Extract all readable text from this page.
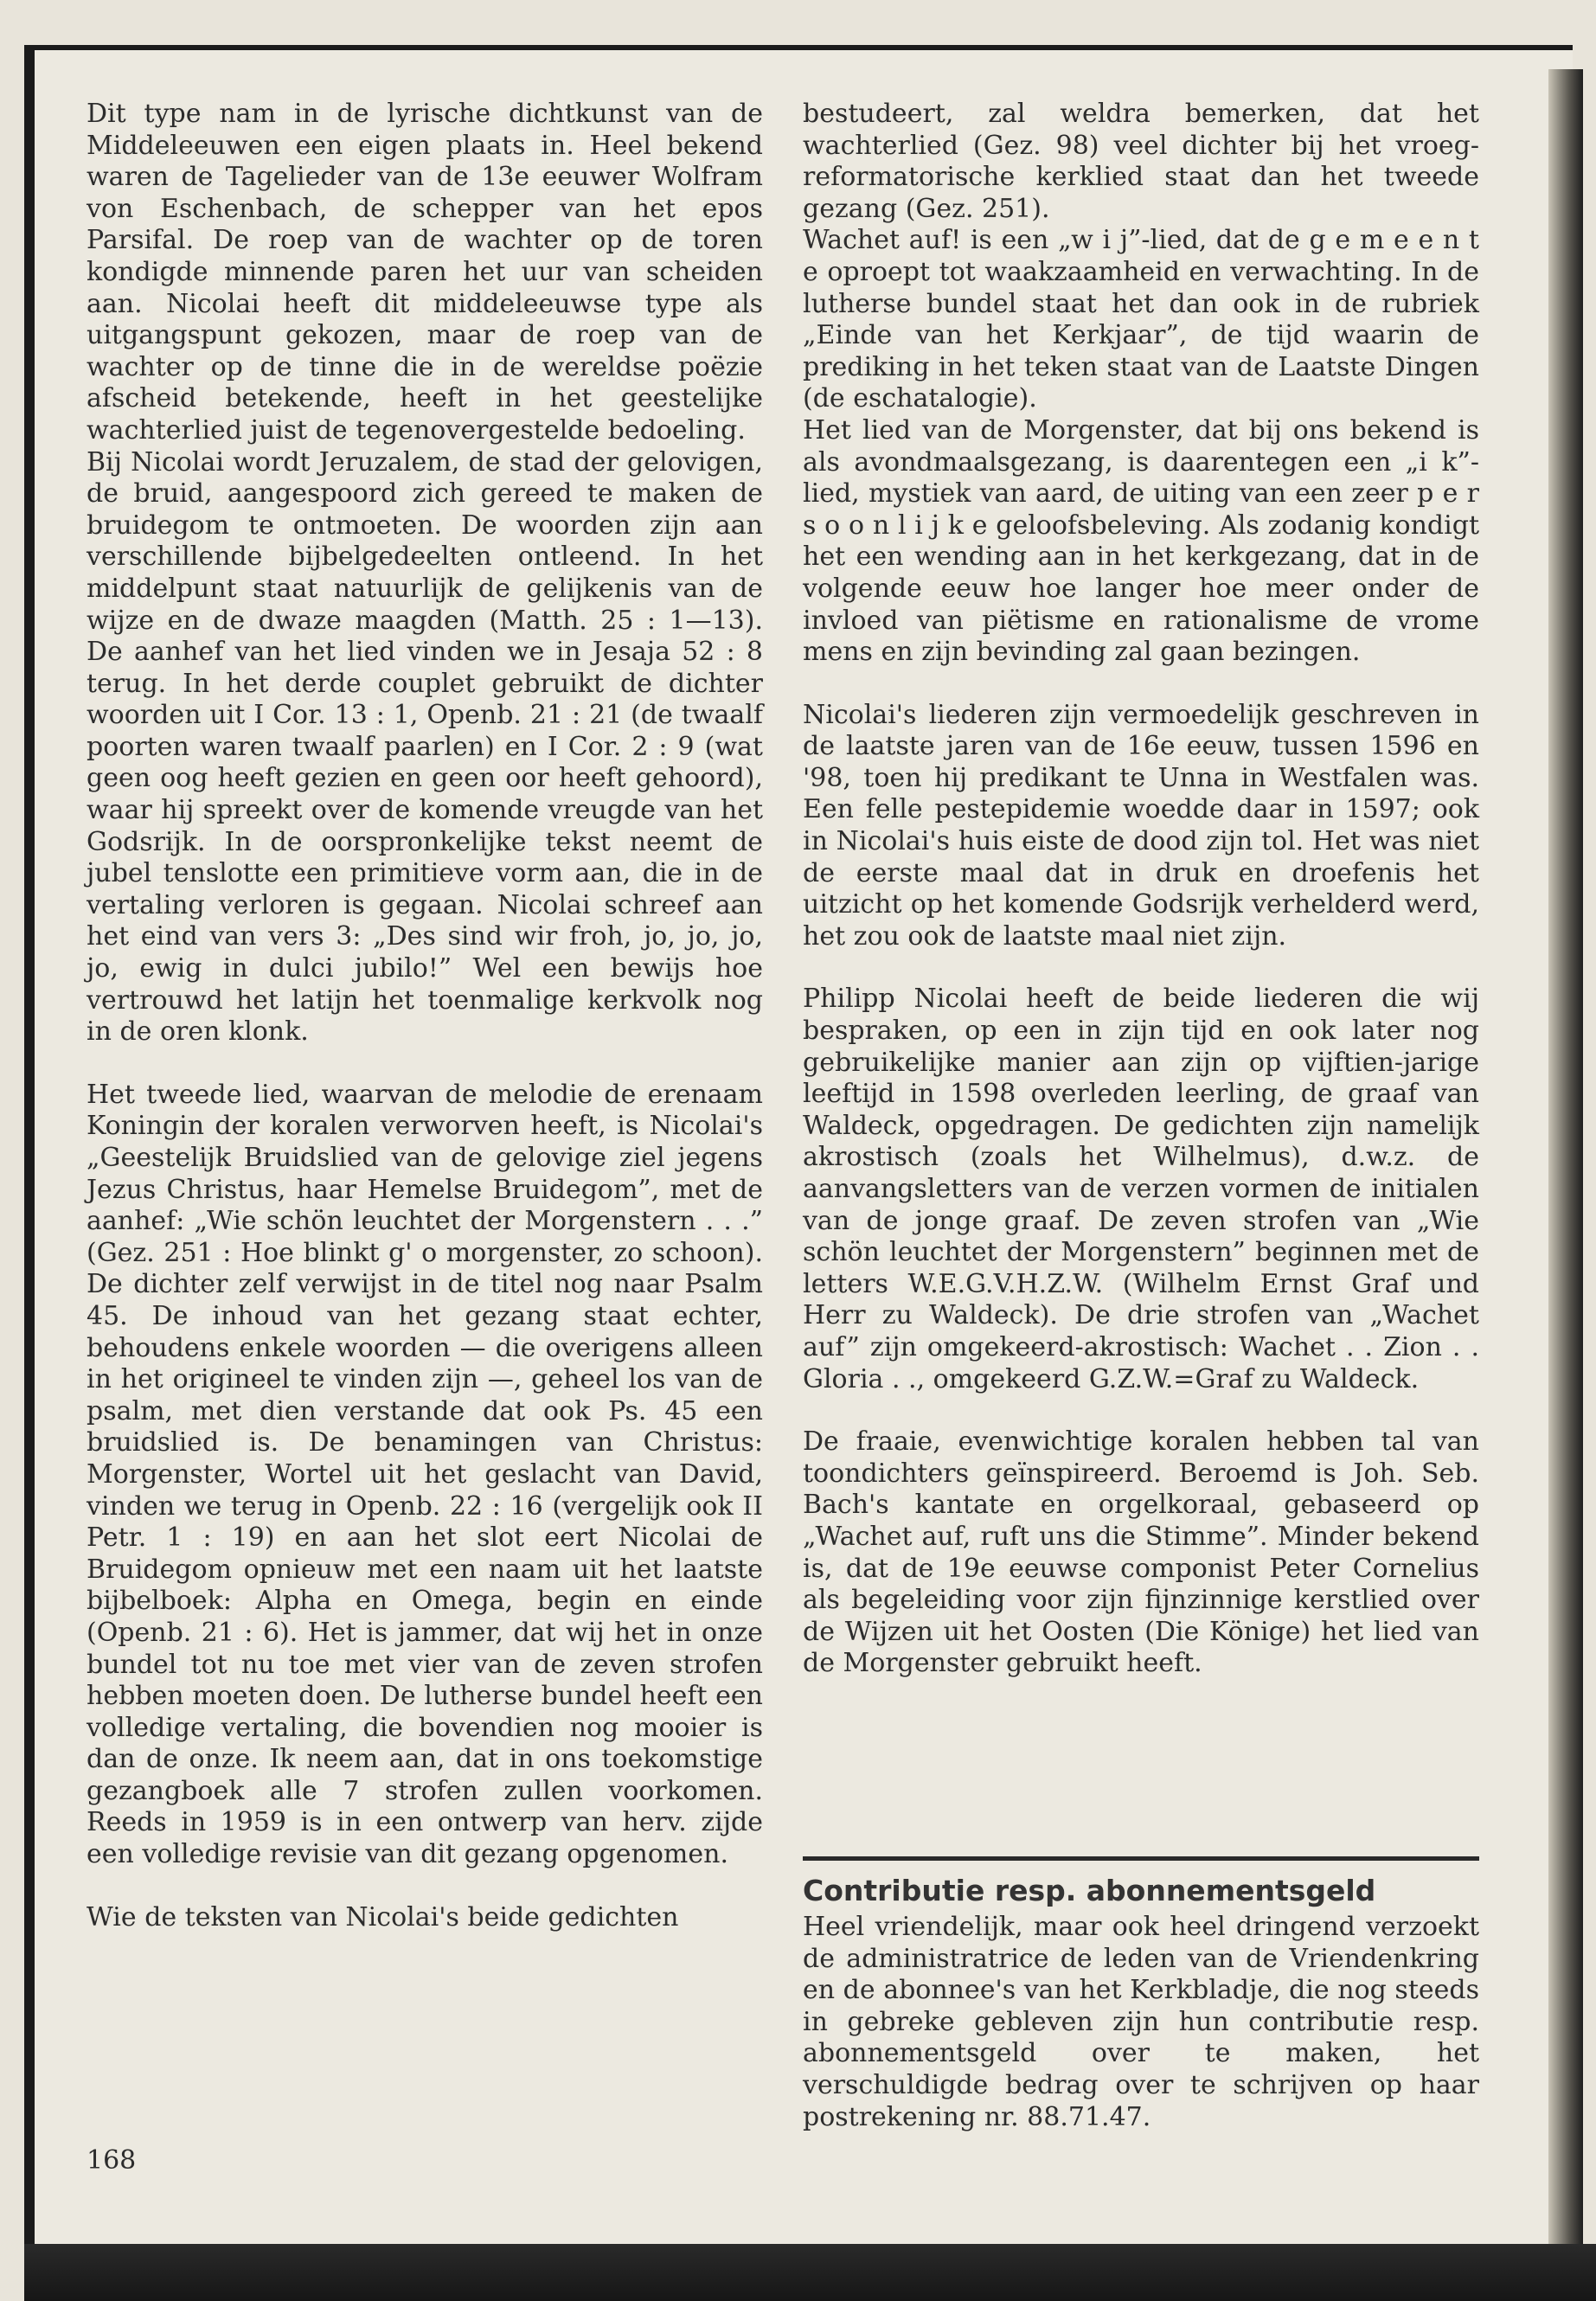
Dit type nam in de lyrische dichtkunst van de Middeleeuwen een eigen plaats in. Heel bekend waren de Tagelieder van de 13e eeuwer Wolfram von Eschenbach, de schepper van het epos Parsifal. De roep van de wachter op de toren kondigde minnende paren het uur van scheiden aan. Nicolai heeft dit middeleeuwse type als uitgangspunt gekozen, maar de roep van de wachter op de tinne die in de wereldse poëzie afscheid betekende, heeft in het geestelijke wachterlied juist de tegenovergestelde bedoeling.

Bij Nicolai wordt Jeruzalem, de stad der gelovigen, de bruid, aangespoord zich gereed te maken de bruidegom te ontmoeten. De woorden zijn aan verschillende bijbelgedeelten ontleend. In het middelpunt staat natuurlijk de gelijkenis van de wijze en de dwaze maagden (Matth. 25 : 1—13). De aanhef van het lied vinden we in Jesaja 52 : 8 terug. In het derde couplet gebruikt de dichter woorden uit I Cor. 13 : 1, Openb. 21 : 21 (de twaalf poorten waren twaalf paarlen) en I Cor. 2 : 9 (wat geen oog heeft gezien en geen oor heeft gehoord), waar hij spreekt over de komende vreugde van het Godsrijk. In de oorspronkelijke tekst neemt de jubel tenslotte een primitieve vorm aan, die in de vertaling verloren is gegaan. Nicolai schreef aan het eind van vers 3: „Des sind wir froh, jo, jo, jo, jo, ewig in dulci jubilo!” Wel een bewijs hoe vertrouwd het latijn het toenmalige kerkvolk nog in de oren klonk.

Het tweede lied, waarvan de melodie de erenaam Koningin der koralen verworven heeft, is Nicolai's „Geestelijk Bruidslied van de gelovige ziel jegens Jezus Christus, haar Hemelse Bruidegom”, met de aanhef: „Wie schön leuchtet der Morgenstern . . .” (Gez. 251 : Hoe blinkt g' o morgenster, zo schoon). De dichter zelf verwijst in de titel nog naar Psalm 45. De inhoud van het gezang staat echter, behoudens enkele woorden — die overigens alleen in het origineel te vinden zijn —, geheel los van de psalm, met dien verstande dat ook Ps. 45 een bruidslied is. De benamingen van Christus: Morgenster, Wortel uit het geslacht van David, vinden we terug in Openb. 22 : 16 (vergelijk ook II Petr. 1 : 19) en aan het slot eert Nicolai de Bruidegom opnieuw met een naam uit het laatste bijbelboek: Alpha en Omega, begin en einde (Openb. 21 : 6). Het is jammer, dat wij het in onze bundel tot nu toe met vier van de zeven strofen hebben moeten doen. De lutherse bundel heeft een volledige vertaling, die bovendien nog mooier is dan de onze. Ik neem aan, dat in ons toekomstige gezangboek alle 7 strofen zullen voorkomen. Reeds in 1959 is in een ontwerp van herv. zijde een volledige revisie van dit gezang opgenomen.

Wie de teksten van Nicolai's beide gedichten

168

bestudeert, zal weldra bemerken, dat het wachterlied (Gez. 98) veel dichter bij het vroeg-reformatorische kerklied staat dan het tweede gezang (Gez. 251).

Wachet auf! is een „w i j”-lied, dat de g e m e e n t e oproept tot waakzaamheid en verwachting. In de lutherse bundel staat het dan ook in de rubriek „Einde van het Kerkjaar”, de tijd waarin de prediking in het teken staat van de Laatste Dingen (de eschatalogie).

Het lied van de Morgenster, dat bij ons bekend is als avondmaalsgezang, is daarentegen een „i k”-lied, mystiek van aard, de uiting van een zeer p e r s o o n l i j k e geloofsbeleving. Als zodanig kondigt het een wending aan in het kerkgezang, dat in de volgende eeuw hoe langer hoe meer onder de invloed van piëtisme en rationalisme de vrome mens en zijn bevinding zal gaan bezingen.

Nicolai's liederen zijn vermoedelijk geschreven in de laatste jaren van de 16e eeuw, tussen 1596 en '98, toen hij predikant te Unna in Westfalen was. Een felle pestepidemie woedde daar in 1597; ook in Nicolai's huis eiste de dood zijn tol. Het was niet de eerste maal dat in druk en droefenis het uitzicht op het komende Godsrijk verhelderd werd, het zou ook de laatste maal niet zijn.

Philipp Nicolai heeft de beide liederen die wij bespraken, op een in zijn tijd en ook later nog gebruikelijke manier aan zijn op vijftien-jarige leeftijd in 1598 overleden leerling, de graaf van Waldeck, opgedragen. De gedichten zijn namelijk akrostisch (zoals het Wilhelmus), d.w.z. de aanvangsletters van de verzen vormen de initialen van de jonge graaf. De zeven strofen van „Wie schön leuchtet der Morgenstern” beginnen met de letters W.E.G.V.H.Z.W. (Wilhelm Ernst Graf und Herr zu Waldeck). De drie strofen van „Wachet auf” zijn omgekeerd-akrostisch: Wachet . . Zion . . Gloria . ., omgekeerd G.Z.W.=Graf zu Waldeck.

De fraaie, evenwichtige koralen hebben tal van toondichters geïnspireerd. Beroemd is Joh. Seb. Bach's kantate en orgelkoraal, gebaseerd op „Wachet auf, ruft uns die Stimme”. Minder bekend is, dat de 19e eeuwse componist Peter Cornelius als begeleiding voor zijn fijnzinnige kerstlied over de Wijzen uit het Oosten (Die Könige) het lied van de Morgenster gebruikt heeft.

Contributie resp. abonnementsgeld

Heel vriendelijk, maar ook heel dringend verzoekt de administratrice de leden van de Vriendenkring en de abonnee's van het Kerkbladje, die nog steeds in gebreke gebleven zijn hun contributie resp. abonnementsgeld over te maken, het verschuldigde bedrag over te schrijven op haar postrekening nr. 88.71.47.
